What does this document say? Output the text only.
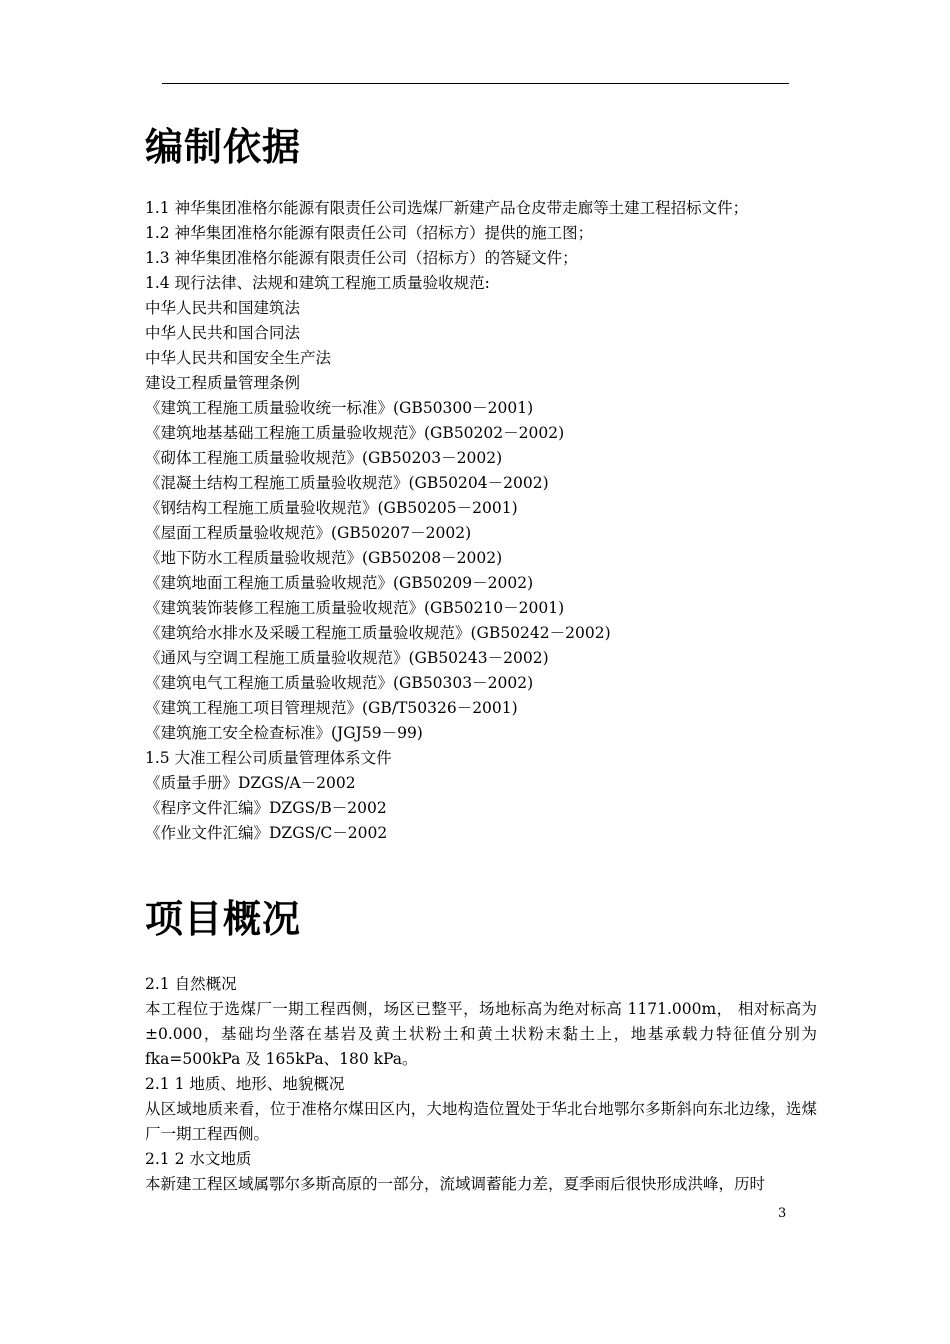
编制依据
1.1 神华集团准格尔能源有限责任公司选煤厂新建产品仓皮带走廊等土建工程招标文件；
1.2 神华集团准格尔能源有限责任公司（招标方）提供的施工图；
1.3 神华集团准格尔能源有限责任公司（招标方）的答疑文件；
1.4 现行法律、法规和建筑工程施工质量验收规范:
中华人民共和国建筑法
中华人民共和国合同法
中华人民共和国安全生产法
建设工程质量管理条例
《建筑工程施工质量验收统一标准》(GB50300－2001)
《建筑地基基础工程施工质量验收规范》(GB50202－2002)
《砌体工程施工质量验收规范》(GB50203－2002)
《混凝土结构工程施工质量验收规范》(GB50204－2002)
《钢结构工程施工质量验收规范》(GB50205－2001)
《屋面工程质量验收规范》(GB50207－2002)
《地下防水工程质量验收规范》(GB50208－2002)
《建筑地面工程施工质量验收规范》(GB50209－2002)
《建筑装饰装修工程施工质量验收规范》(GB50210－2001)
《建筑给水排水及采暖工程施工质量验收规范》(GB50242－2002)
《通风与空调工程施工质量验收规范》(GB50243－2002)
《建筑电气工程施工质量验收规范》(GB50303－2002)
《建筑工程施工项目管理规范》(GB/T50326－2001)
《建筑施工安全检查标准》(JGJ59－99)
1.5 大准工程公司质量管理体系文件
《质量手册》DZGS/A－2002
《程序文件汇编》DZGS/B－2002
《作业文件汇编》DZGS/C－2002
项目概况
2.1 自然概况
本工程位于选煤厂一期工程西侧，场区已整平，场地标高为绝对标高 1171.000m， 相对标高为±0.000，基础均坐落在基岩及黄土状粉土和黄土状粉末黏土上，地基承载力特征值分别为 fka=500kPa 及 165kPa、180 kPa。
2.1 1 地质、地形、地貌概况
从区域地质来看，位于准格尔煤田区内，大地构造位置处于华北台地鄂尔多斯斜向东北边缘，选煤厂一期工程西侧。
2.1 2 水文地质
本新建工程区域属鄂尔多斯高原的一部分，流域调蓄能力差，夏季雨后很快形成洪峰，历时
3
